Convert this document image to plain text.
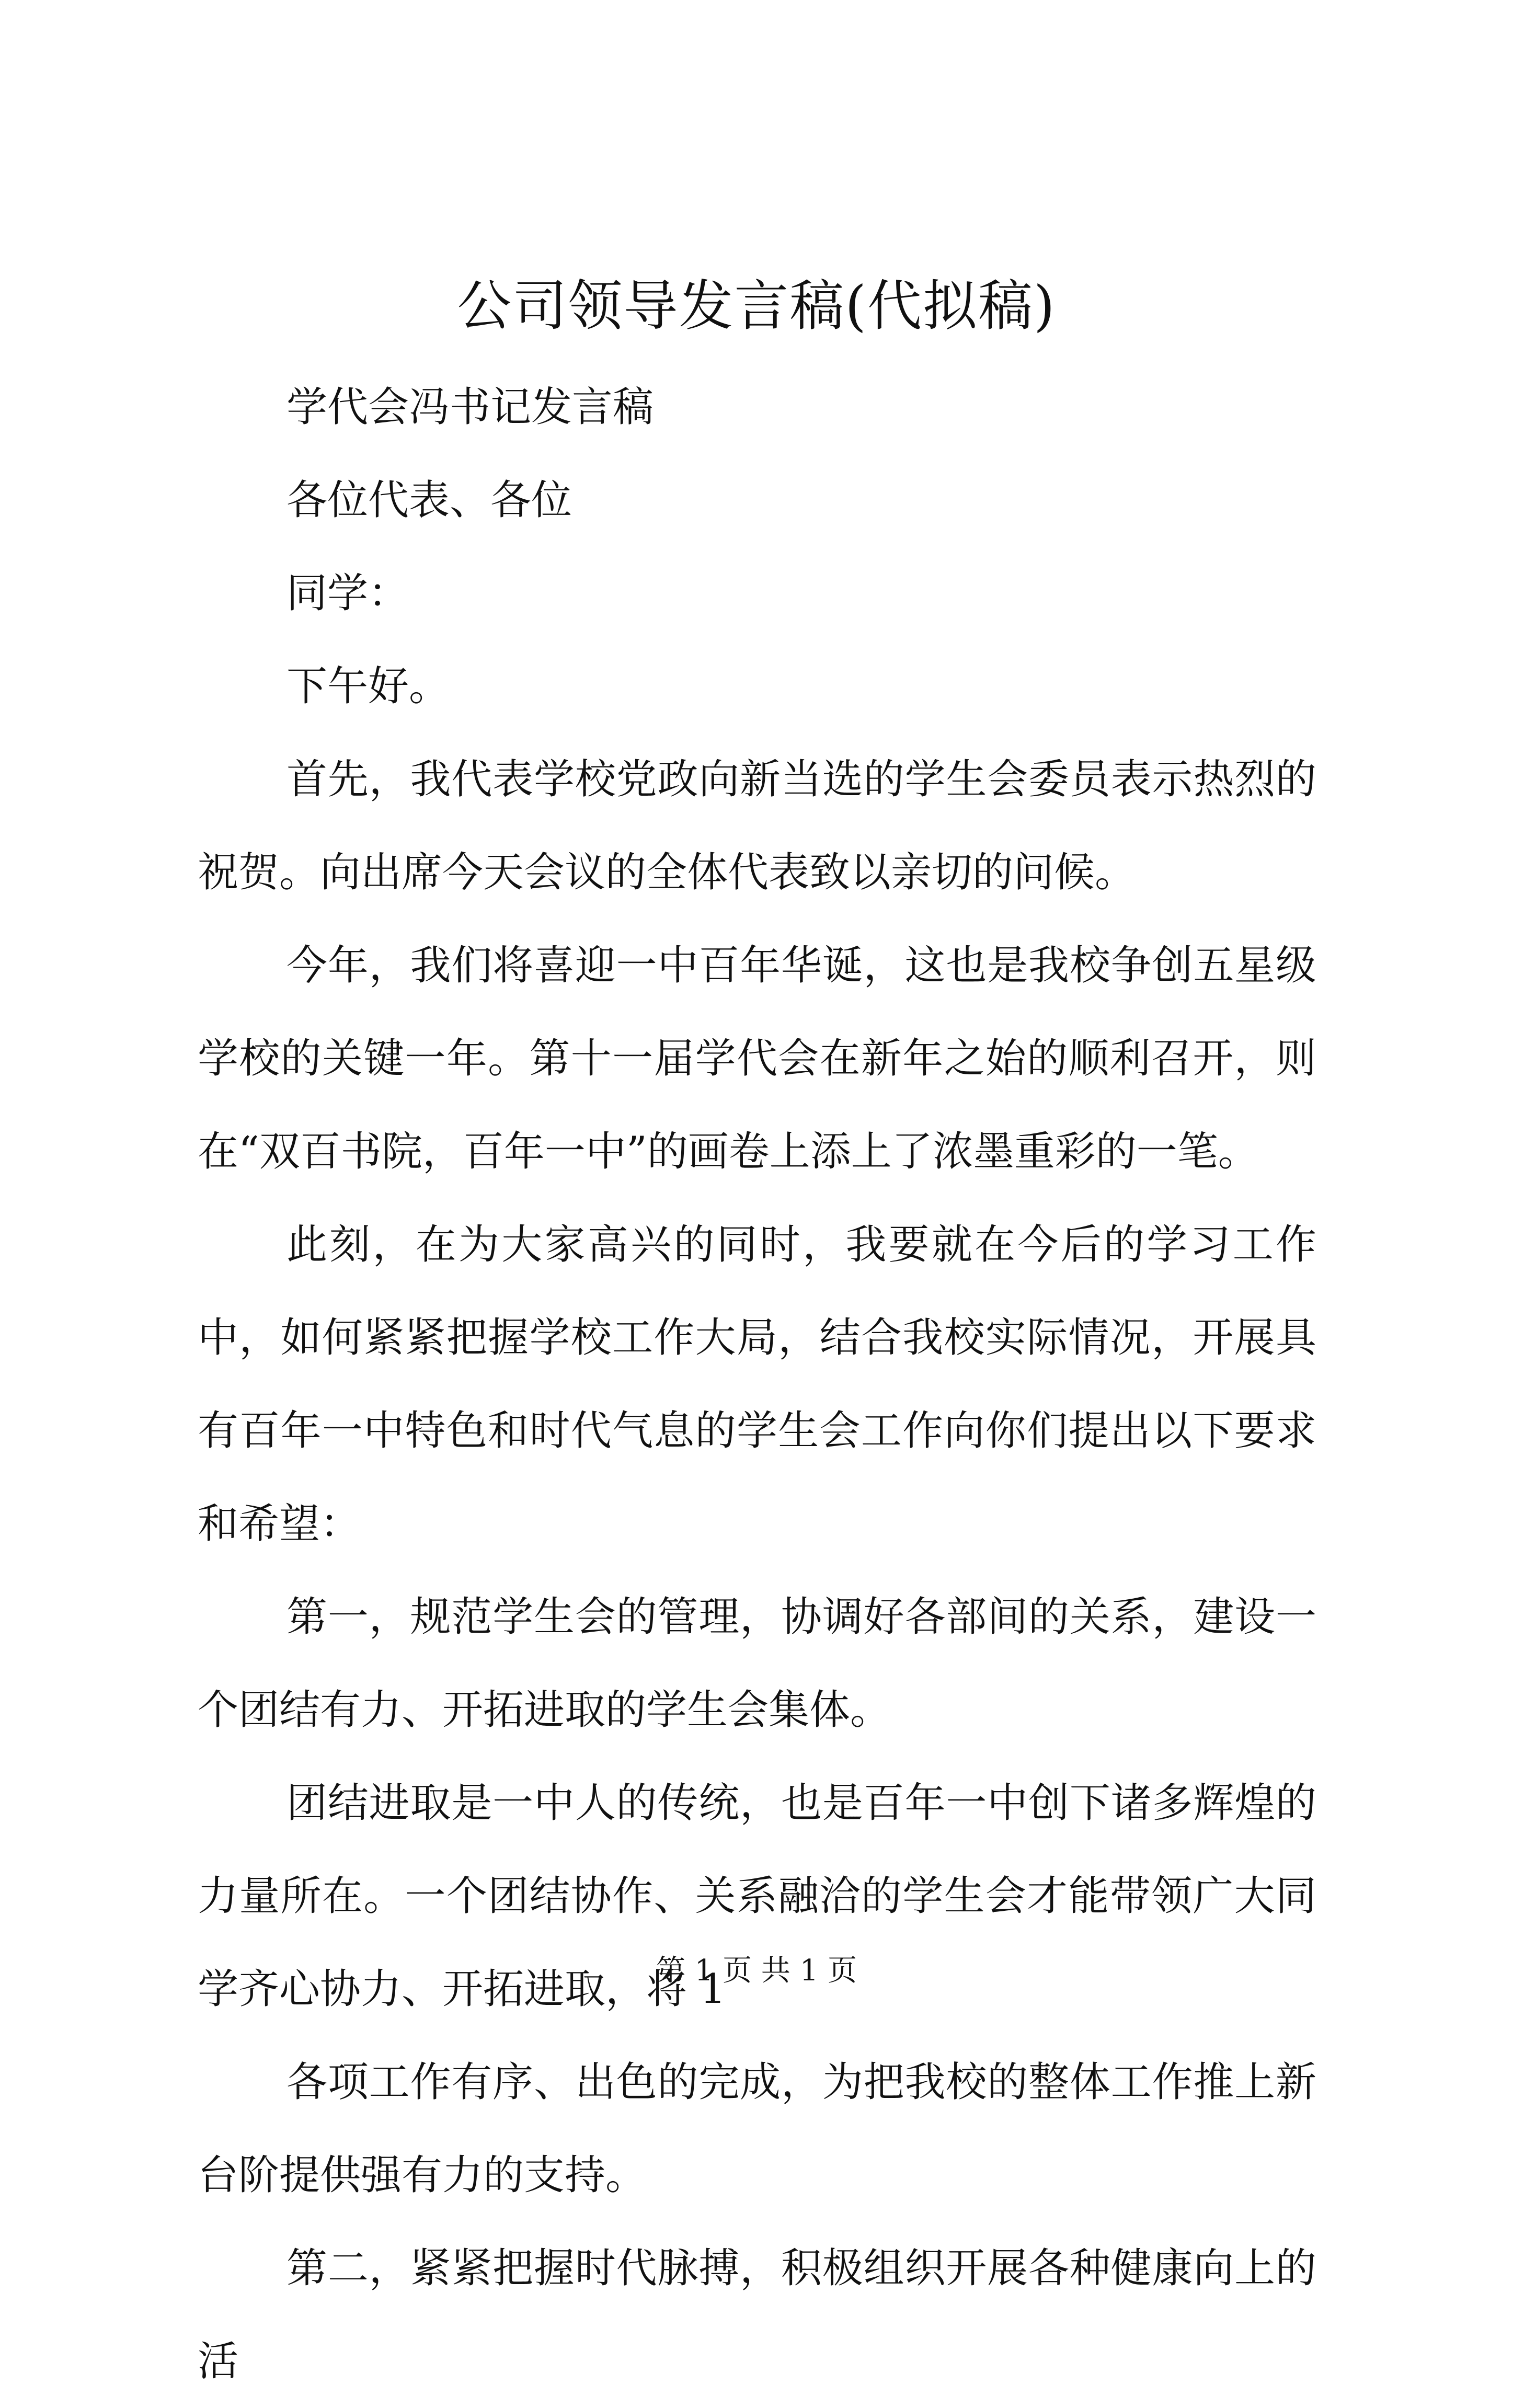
公司领导发言稿(代拟稿)

学代会冯书记发言稿

各位代表、各位

同学：

下午好。

首先，我代表学校党政向新当选的学生会委员表示热烈的祝贺。向出席今天会议的全体代表致以亲切的问候。

今年，我们将喜迎一中百年华诞，这也是我校争创五星级学校的关键一年。第十一届学代会在新年之始的顺利召开，则在“双百书院，百年一中”的画卷上添上了浓墨重彩的一笔。

此刻，在为大家高兴的同时，我要就在今后的学习工作中，如何紧紧把握学校工作大局，结合我校实际情况，开展具有百年一中特色和时代气息的学生会工作向你们提出以下要求和希望：

第一，规范学生会的管理，协调好各部间的关系，建设一个团结有力、开拓进取的学生会集体。

团结进取是一中人的传统，也是百年一中创下诸多辉煌的力量所在。一个团结协作、关系融洽的学生会才能带领广大同学齐心协力、开拓进取，将 1

各项工作有序、出色的完成，为把我校的整体工作推上新台阶提供强有力的支持。

第二，紧紧把握时代脉搏，积极组织开展各种健康向上的活

第 1 页 共 1 页
